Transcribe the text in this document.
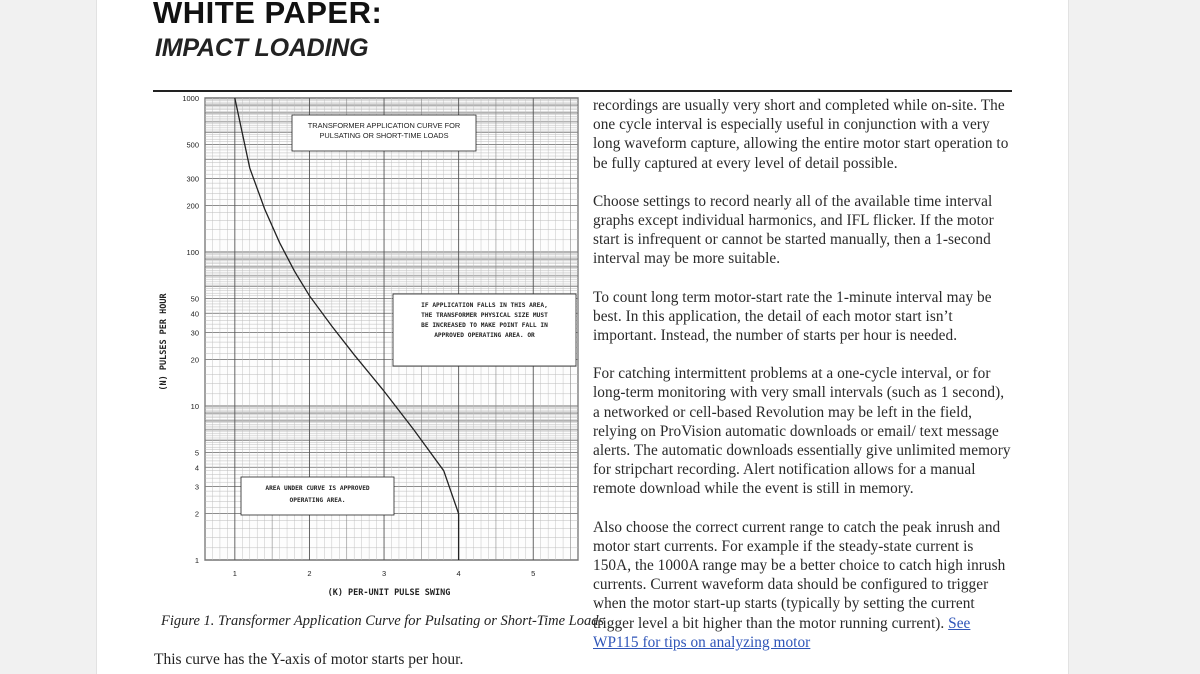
WHITE PAPER:
IMPACT LOADING
1000
500
300
200
100
50
40
30
20
10
5
4
3
2
1
1	2	3	4	5
TRANSFORMER APPLICATION CURVE FOR
PULSATING OR SHORT-TIME LOADS
IF APPLICATION FALLS IN THIS AREA,
THE TRANSFORMER PHYSICAL SIZE MUST
BE INCREASED TO MAKE POINT FALL IN
APPROVED OPERATING AREA. OR
AREA UNDER CURVE IS APPROVED
OPERATING AREA.
(N) PULSES PER HOUR
(K) PER-UNIT PULSE SWING

Figure 1. Transformer Application Curve for Pulsating or Short-Time Loads

This curve has the Y-axis of motor starts per hour.

recordings are usually very short and completed while on-site. The one cycle interval is especially useful in conjunction with a very long waveform capture, allowing the entire motor start operation to be fully captured at every level of detail possible.

Choose settings to record nearly all of the available time interval graphs except individual harmonics, and IFL flicker. If the motor start is infrequent or cannot be started manually, then a 1-second interval may be more suitable.

To count long term motor-start rate the 1-minute interval may be best. In this application, the detail of each motor start isn’t important. Instead, the number of starts per hour is needed.

For catching intermittent problems at a one-cycle interval, or for long-term monitoring with very small intervals (such as 1 second), a networked or cell-based Revolution may be left in the field, relying on ProVision automatic downloads or email/ text message alerts. The automatic downloads essentially give unlimited memory for stripchart recording. Alert notification allows for a manual remote download while the event is still in memory.

Also choose the correct current range to catch the peak inrush and motor start currents. For example if the steady-state current is 150A, the 1000A range may be a better choice to catch high inrush currents. Current waveform data should be configured to trigger when the motor start-up starts (typically by setting the current trigger level a bit higher than the motor running current). See WP115 for tips on analyzing motor
